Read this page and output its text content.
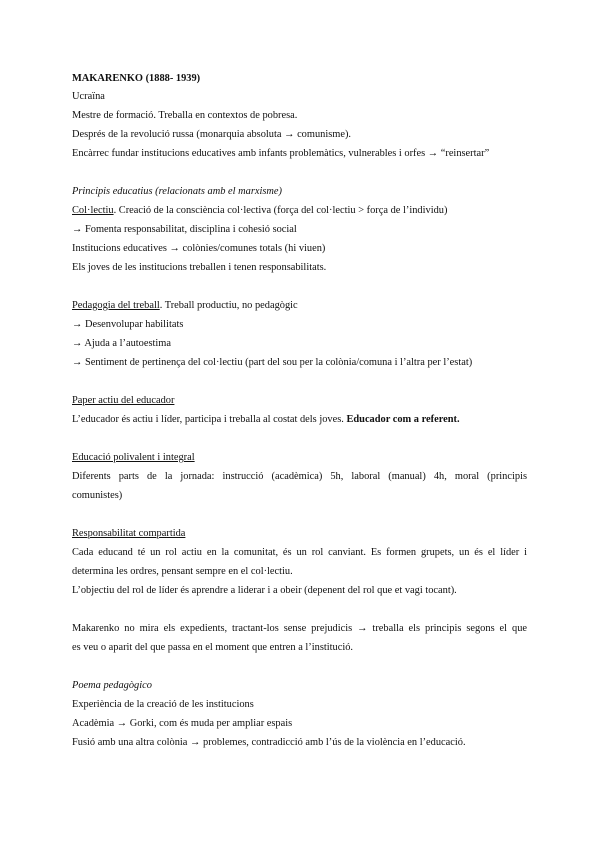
MAKARENKO (1888- 1939)
Ucraïna
Mestre de formació. Treballa en contextos de pobresa.
Després de la revolució russa (monarquia absoluta → comunisme).
Encàrrec fundar institucions educatives amb infants problemàtics, vulnerables i orfes → “reinsertar”
Principis educatius (relacionats amb el marxisme)
Col·lectiu. Creació de la consciència col·lectiva (força del col·lectiu > força de l’individu)
→ Fomenta responsabilitat, disciplina i cohesió social
Institucions educatives → colònies/comunes totals (hi viuen)
Els joves de les institucions treballen i tenen responsabilitats.
Pedagogia del treball. Treball productiu, no pedagògic
→ Desenvolupar habilitats
→ Ajuda a l’autoestima
→ Sentiment de pertinença del col·lectiu (part del sou per la colònia/comuna i l’altra per l’estat)
Paper actiu del educador
L’educador és actiu i líder, participa i treballa al costat dels joves. Educador com a referent.
Educació polivalent i integral
Diferents parts de la jornada: instrucció (acadèmica) 5h, laboral (manual) 4h, moral (principis
comunistes)
Responsabilitat compartida
Cada educand té un rol actiu en la comunitat, és un rol canviant. Es formen grupets, un és el líder i
determina les ordres, pensant sempre en el col·lectiu.
L’objectiu del rol de líder és aprendre a liderar i a obeir (depenent del rol que et vagi tocant).
Makarenko no mira els expedients, tractant-los sense prejudicis → treballa els principis segons el que
es veu o aparit del que passa en el moment que entren a l’institució.
Poema pedagògico
Experiència de la creació de les institucions
Acadèmia → Gorki, com és muda per ampliar espais
Fusió amb una altra colònia → problemes, contradicció amb l’ús de la violència en l’educació.
